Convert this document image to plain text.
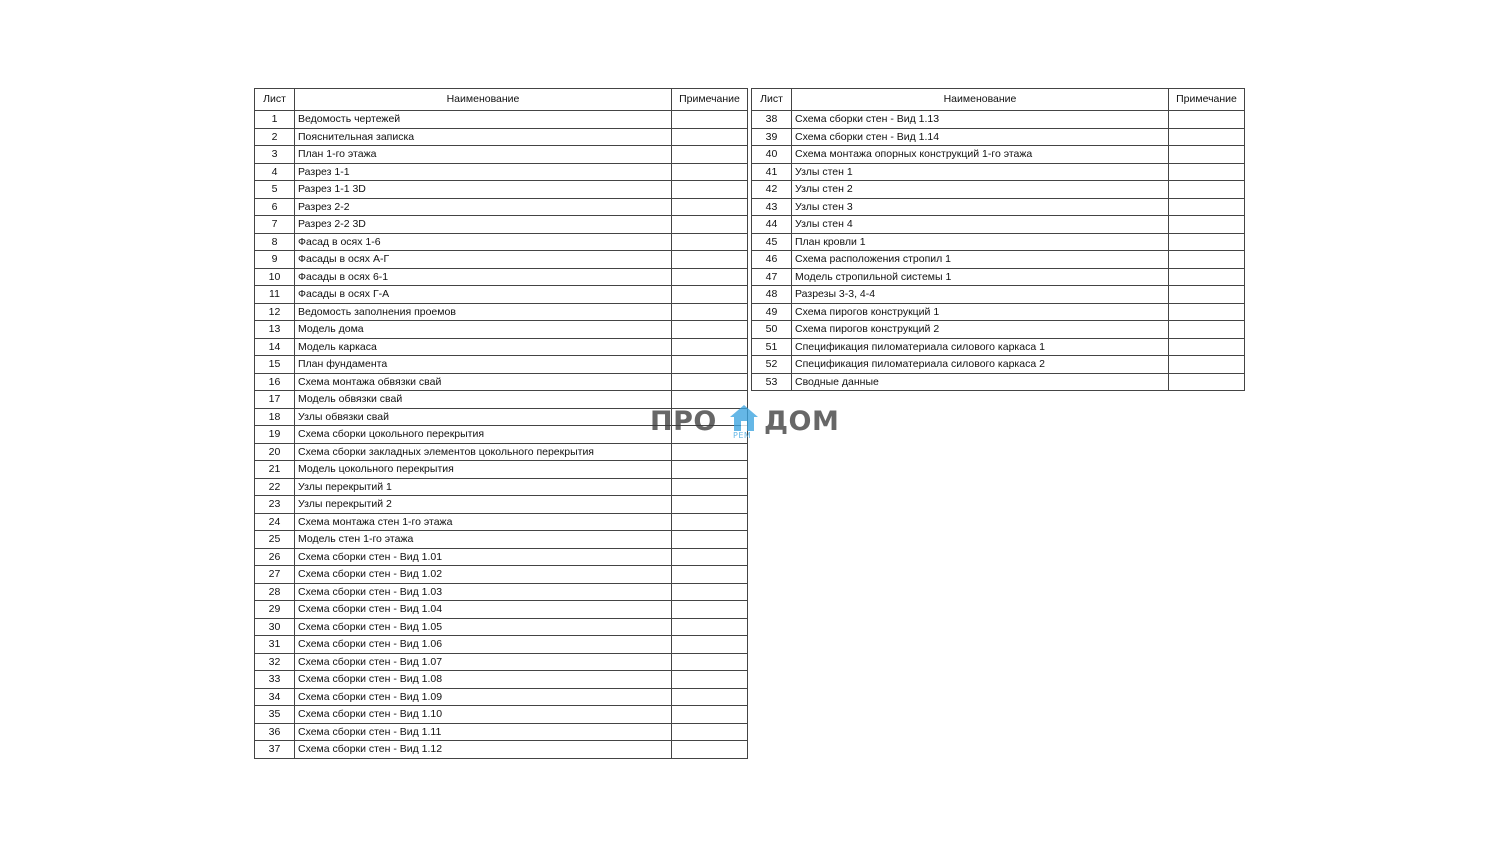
Лист	Наименование	Примечание
1	Ведомость чертежей	
2	Пояснительная записка	
3	План 1-го этажа	
4	Разрез 1-1	
5	Разрез 1-1 3D	
6	Разрез 2-2	
7	Разрез 2-2 3D	
8	Фасад в осях 1-6	
9	Фасады в осях А-Г	
10	Фасады в осях 6-1	
11	Фасады в осях Г-А	
12	Ведомость заполнения проемов	
13	Модель дома	
14	Модель каркаса	
15	План фундамента	
16	Схема монтажа обвязки свай	
17	Модель обвязки свай	
18	Узлы обвязки свай	
19	Схема сборки цокольного перекрытия	
20	Схема сборки закладных элементов цокольного перекрытия	
21	Модель цокольного перекрытия	
22	Узлы перекрытий 1	
23	Узлы перекрытий 2	
24	Схема монтажа стен 1-го этажа	
25	Модель стен 1-го этажа	
26	Схема сборки стен - Вид 1.01	
27	Схема сборки стен - Вид 1.02	
28	Схема сборки стен - Вид 1.03	
29	Схема сборки стен - Вид 1.04	
30	Схема сборки стен - Вид 1.05	
31	Схема сборки стен - Вид 1.06	
32	Схема сборки стен - Вид 1.07	
33	Схема сборки стен - Вид 1.08	
34	Схема сборки стен - Вид 1.09	
35	Схема сборки стен - Вид 1.10	
36	Схема сборки стен - Вид 1.11	
37	Схема сборки стен - Вид 1.12	
Лист	Наименование	Примечание
38	Схема сборки стен - Вид 1.13	
39	Схема сборки стен - Вид 1.14	
40	Схема монтажа опорных конструкций 1-го этажа	
41	Узлы стен 1	
42	Узлы стен 2	
43	Узлы стен 3	
44	Узлы стен 4	
45	План кровли 1	
46	Схема расположения стропил 1	
47	Модель стропильной системы 1	
48	Разрезы 3-3, 4-4	
49	Схема пирогов конструкций 1	
50	Схема пирогов конструкций 2	
51	Спецификация пиломатериала силового каркаса 1	
52	Спецификация пиломатериала силового каркаса 2	
53	Сводные данные	
ПРО РЕМ ДОМ
